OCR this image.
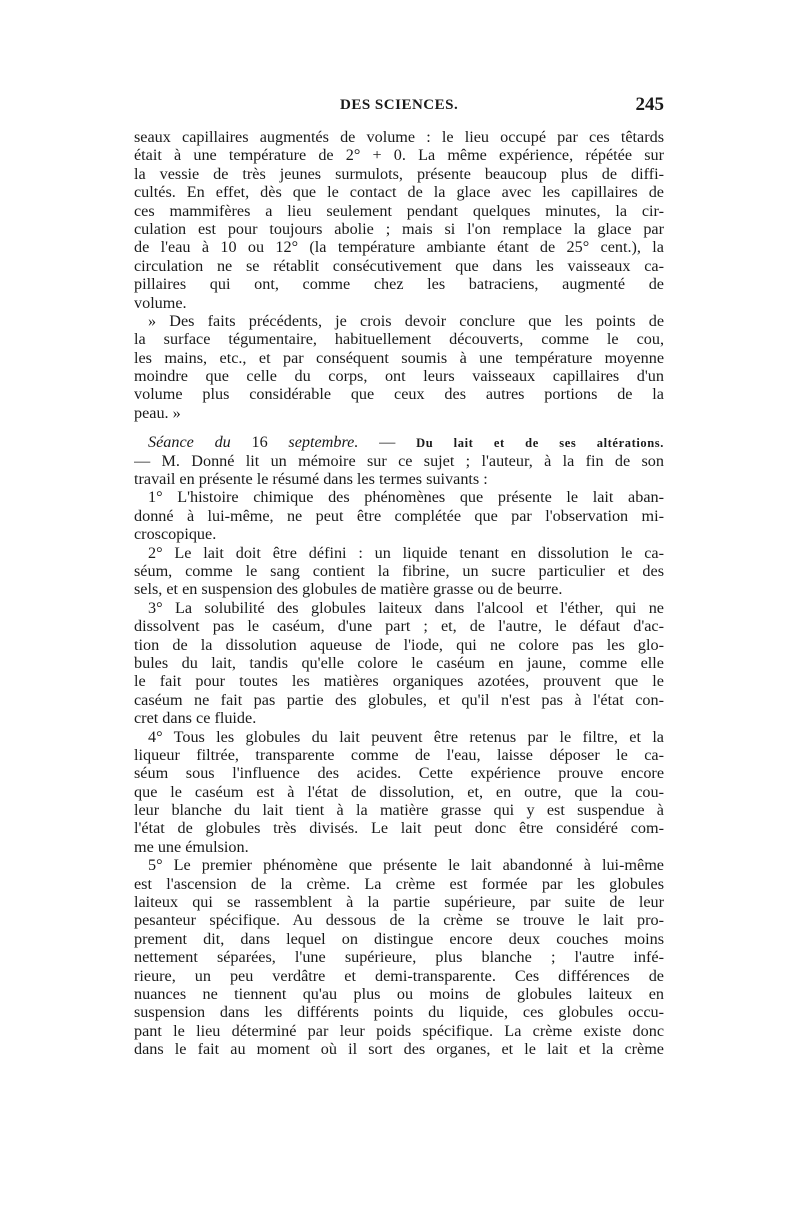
DES SCIENCES.	245
seaux capillaires augmentés de volume : le lieu occupé par ces têtards
était à une température de 2° + 0. La même expérience, répétée sur
la vessie de très jeunes surmulots, présente beaucoup plus de diffi-
cultés. En effet, dès que le contact de la glace avec les capillaires de
ces mammifères a lieu seulement pendant quelques minutes, la cir-
culation est pour toujours abolie ; mais si l'on remplace la glace par
de l'eau à 10 ou 12° (la température ambiante étant de 25° cent.), la
circulation ne se rétablit consécutivement que dans les vaisseaux ca-
pillaires qui ont, comme chez les batraciens, augmenté de
volume.
» Des faits précédents, je crois devoir conclure que les points de
la surface tégumentaire, habituellement découverts, comme le cou,
les mains, etc., et par conséquent soumis à une température moyenne
moindre que celle du corps, ont leurs vaisseaux capillaires d'un
volume plus considérable que ceux des autres portions de la
peau. »
Séance du 16 septembre. — Du lait et de ses altérations.
— M. Donné lit un mémoire sur ce sujet ; l'auteur, à la fin de son
travail en présente le résumé dans les termes suivants :
1° L'histoire chimique des phénomènes que présente le lait aban-
donné à lui-même, ne peut être complétée que par l'observation mi-
croscopique.
2° Le lait doit être défini : un liquide tenant en dissolution le ca-
séum, comme le sang contient la fibrine, un sucre particulier et des
sels, et en suspension des globules de matière grasse ou de beurre.
3° La solubilité des globules laiteux dans l'alcool et l'éther, qui ne
dissolvent pas le caséum, d'une part ; et, de l'autre, le défaut d'ac-
tion de la dissolution aqueuse de l'iode, qui ne colore pas les glo-
bules du lait, tandis qu'elle colore le caséum en jaune, comme elle
le fait pour toutes les matières organiques azotées, prouvent que le
caséum ne fait pas partie des globules, et qu'il n'est pas à l'état con-
cret dans ce fluide.
4° Tous les globules du lait peuvent être retenus par le filtre, et la
liqueur filtrée, transparente comme de l'eau, laisse déposer le ca-
séum sous l'influence des acides. Cette expérience prouve encore
que le caséum est à l'état de dissolution, et, en outre, que la cou-
leur blanche du lait tient à la matière grasse qui y est suspendue à
l'état de globules très divisés. Le lait peut donc être considéré com-
me une émulsion.
5° Le premier phénomène que présente le lait abandonné à lui-même
est l'ascension de la crème. La crème est formée par les globules
laiteux qui se rassemblent à la partie supérieure, par suite de leur
pesanteur spécifique. Au dessous de la crème se trouve le lait pro-
prement dit, dans lequel on distingue encore deux couches moins
nettement séparées, l'une supérieure, plus blanche ; l'autre infé-
rieure, un peu verdâtre et demi-transparente. Ces différences de
nuances ne tiennent qu'au plus ou moins de globules laiteux en
suspension dans les différents points du liquide, ces globules occu-
pant le lieu déterminé par leur poids spécifique. La crème existe donc
dans le fait au moment où il sort des organes, et le lait et la crème
